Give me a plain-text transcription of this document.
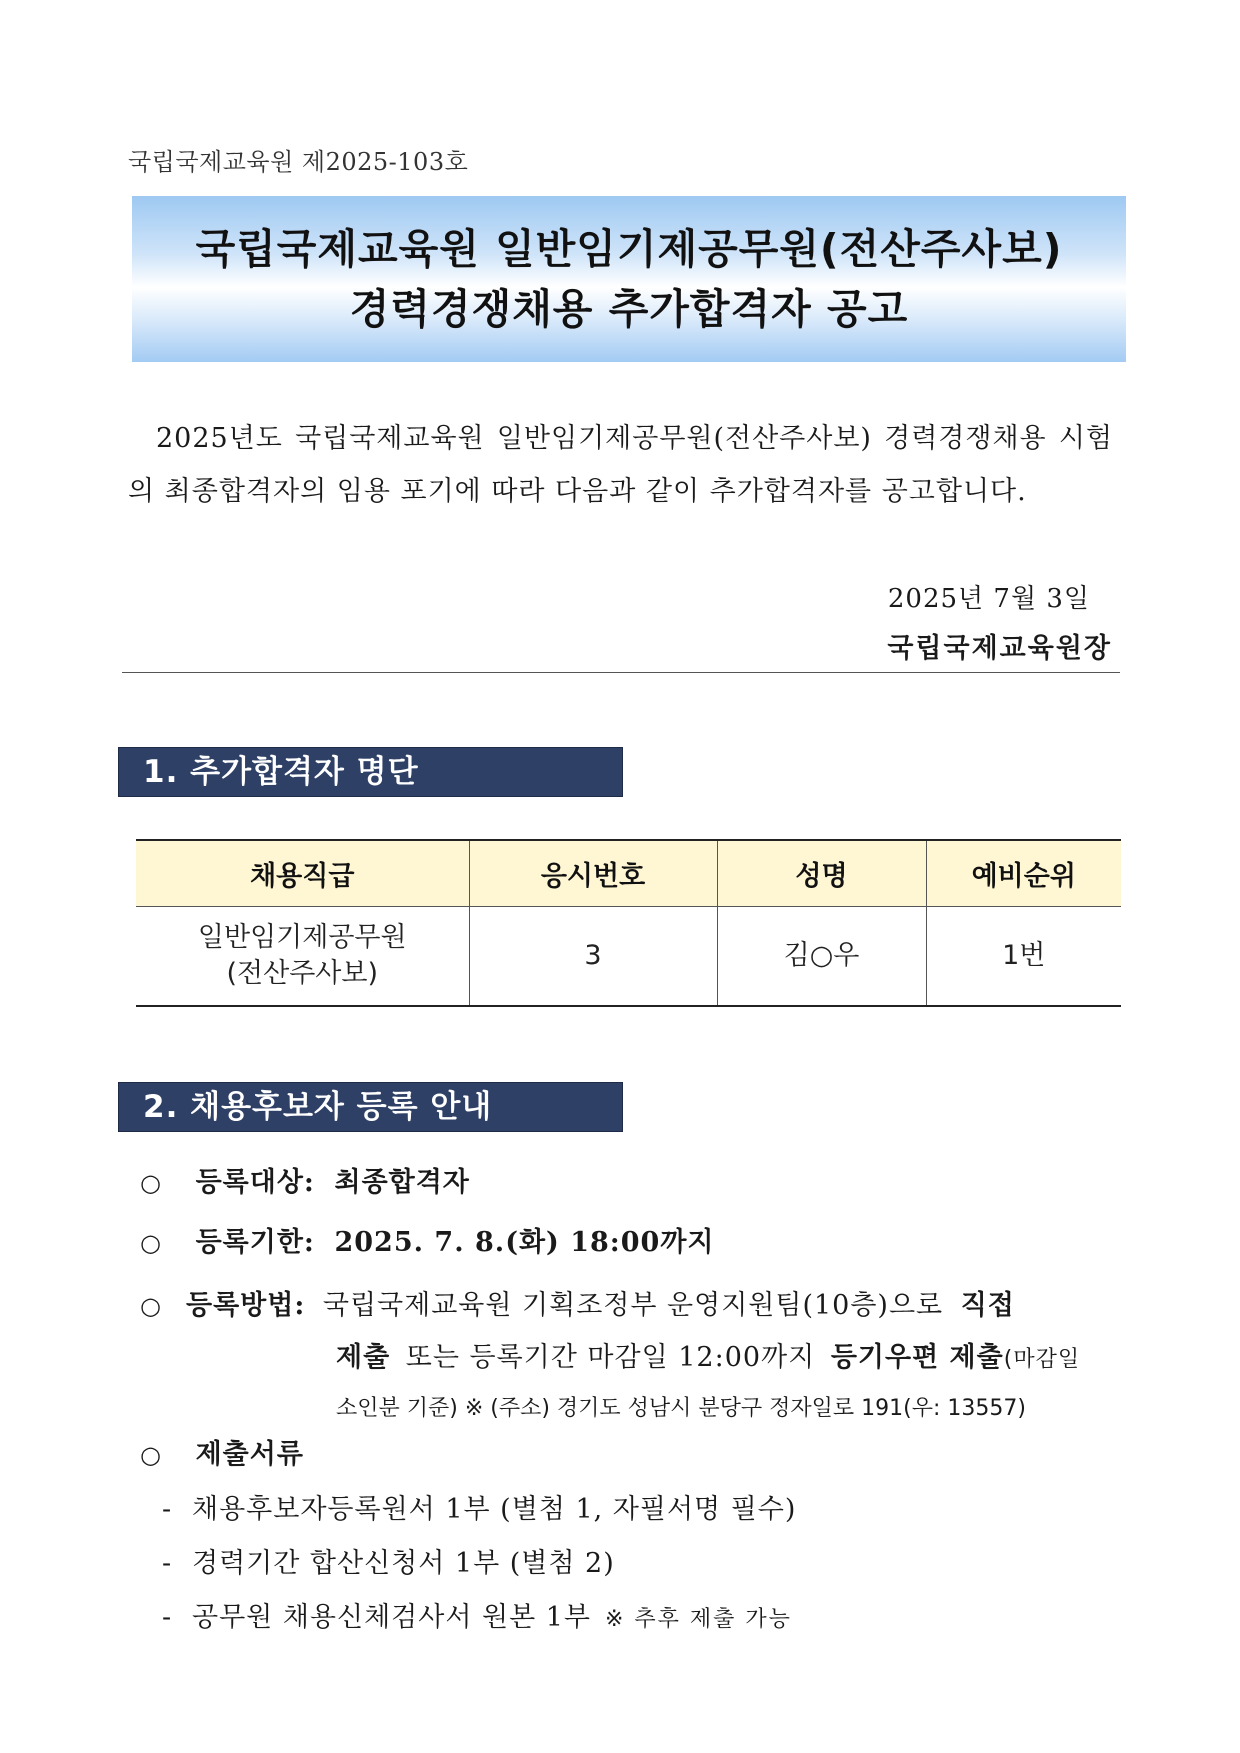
국립국제교육원 제2025-103호
국립국제교육원 일반임기제공무원(전산주사보)
경력경쟁채용 추가합격자 공고
2025년도 국립국제교육원 일반임기제공무원(전산주사보) 경력경쟁채용 시험의 최종합격자의 임용 포기에 따라 다음과 같이 추가합격자를 공고합니다.
2025년 7월 3일
국립국제교육원장
1. 추가합격자 명단
채용직급	응시번호	성명	예비순위

일반임기제공무원
(전산주사보)	3	김○우	1번
2. 채용후보자 등록 안내
○ 등록대상: 최종합격자
○ 등록기한: 2025. 7. 8.(화) 18:00까지
○ 등록방법: 국립국제교육원 기획조정부 운영지원팀(10층)으로 직접
제출 또는 등록기간 마감일 12:00까지 등기우편 제출(마감일
소인분 기준) ※ (주소) 경기도 성남시 분당구 정자일로 191(우: 13557)
○ 제출서류
- 채용후보자등록원서 1부 (별첨 1, 자필서명 필수)
- 경력기간 합산신청서 1부 (별첨 2)
- 공무원 채용신체검사서 원본 1부 ※ 추후 제출 가능
